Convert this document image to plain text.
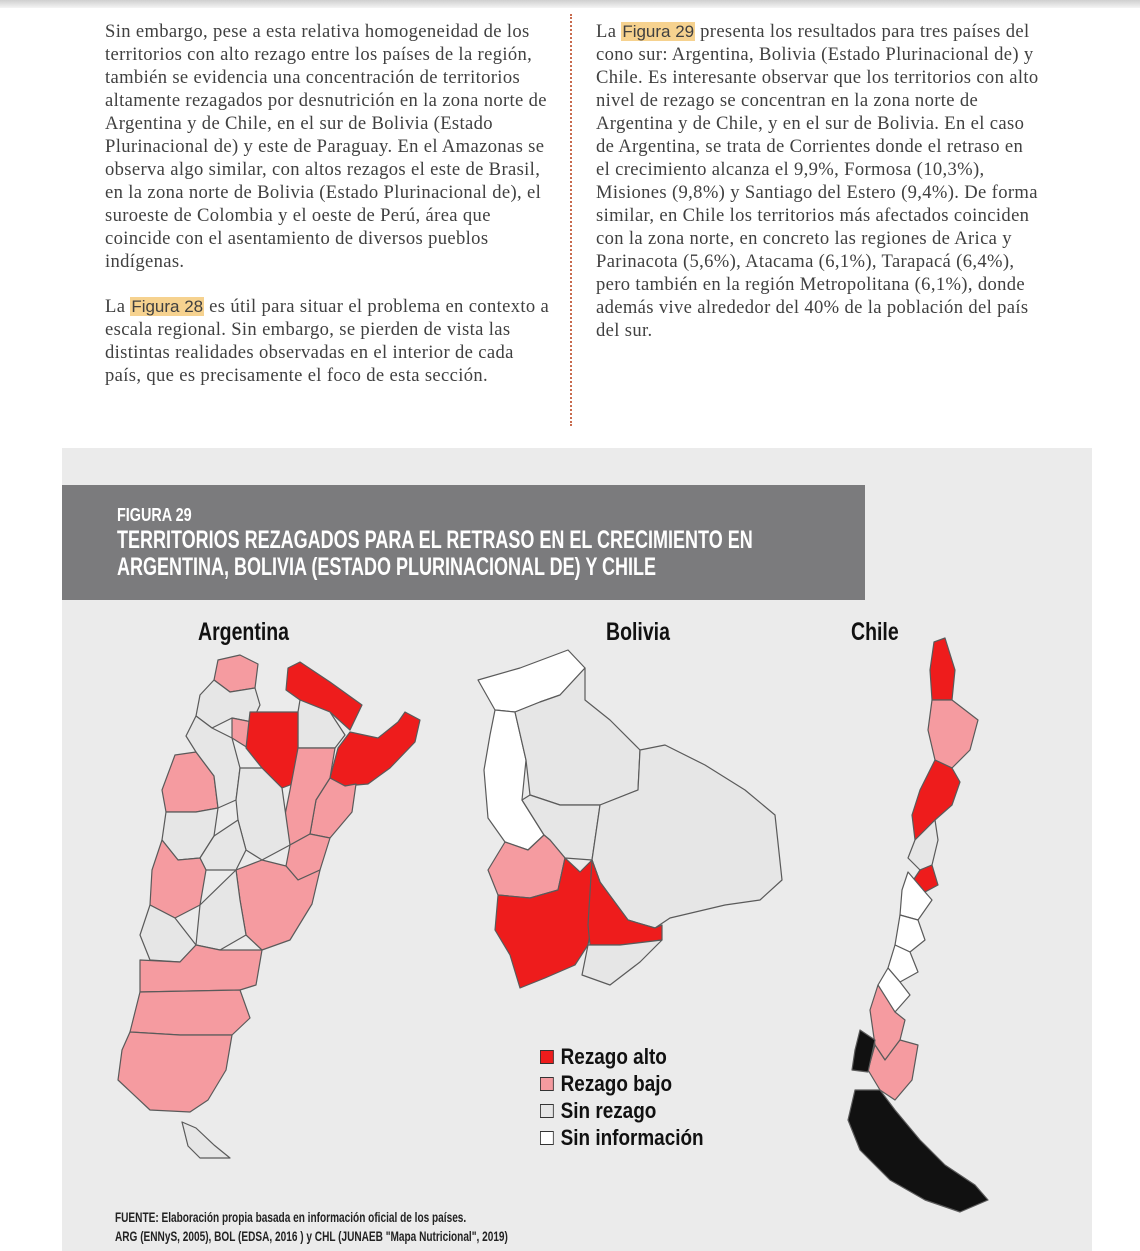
Sin embargo, pese a esta relativa homogeneidad de los territorios con alto rezago entre los países de la región, también se evidencia una concentración de territorios altamente rezagados por desnutrición en la zona norte de Argentina y de Chile, en el sur de Bolivia (Estado Plurinacional de) y este de Paraguay. En el Amazonas se observa algo similar, con altos rezagos el este de Brasil, en la zona norte de Bolivia (Estado Plurinacional de), el suroeste de Colombia y el oeste de Perú, área que coincide con el asentamiento de diversos pueblos indígenas.

La Figura 28 es útil para situar el problema en contexto a escala regional. Sin embargo, se pierden de vista las distintas realidades observadas en el interior de cada país, que es precisamente el foco de esta sección.

La Figura 29 presenta los resultados para tres países del cono sur: Argentina, Bolivia (Estado Plurinacional de) y Chile. Es interesante observar que los territorios con alto nivel de rezago se concentran en la zona norte de Argentina y de Chile, y en el sur de Bolivia. En el caso de Argentina, se trata de Corrientes donde el retraso en el crecimiento alcanza el 9,9%, Formosa (10,3%), Misiones (9,8%) y Santiago del Estero (9,4%). De forma similar, en Chile los territorios más afectados coinciden con la zona norte, en concreto las regiones de Arica y Parinacota (5,6%), Atacama (6,1%), Tarapacá (6,4%), pero también en la región Metropolitana (6,1%), donde además vive alrededor del 40% de la población del país del sur.

FIGURA 29
TERRITORIOS REZAGADOS PARA EL RETRASO EN EL CRECIMIENTO EN ARGENTINA, BOLIVIA (ESTADO PLURINACIONAL DE) Y CHILE
Argentina	Bolivia	Chile
Rezago alto
Rezago bajo
Sin rezago
Sin información
FUENTE: Elaboración propia basada en información oficial de los países.
ARG (ENNyS, 2005), BOL (EDSA, 2016 ) y CHL (JUNAEB "Mapa Nutricional", 2019)
